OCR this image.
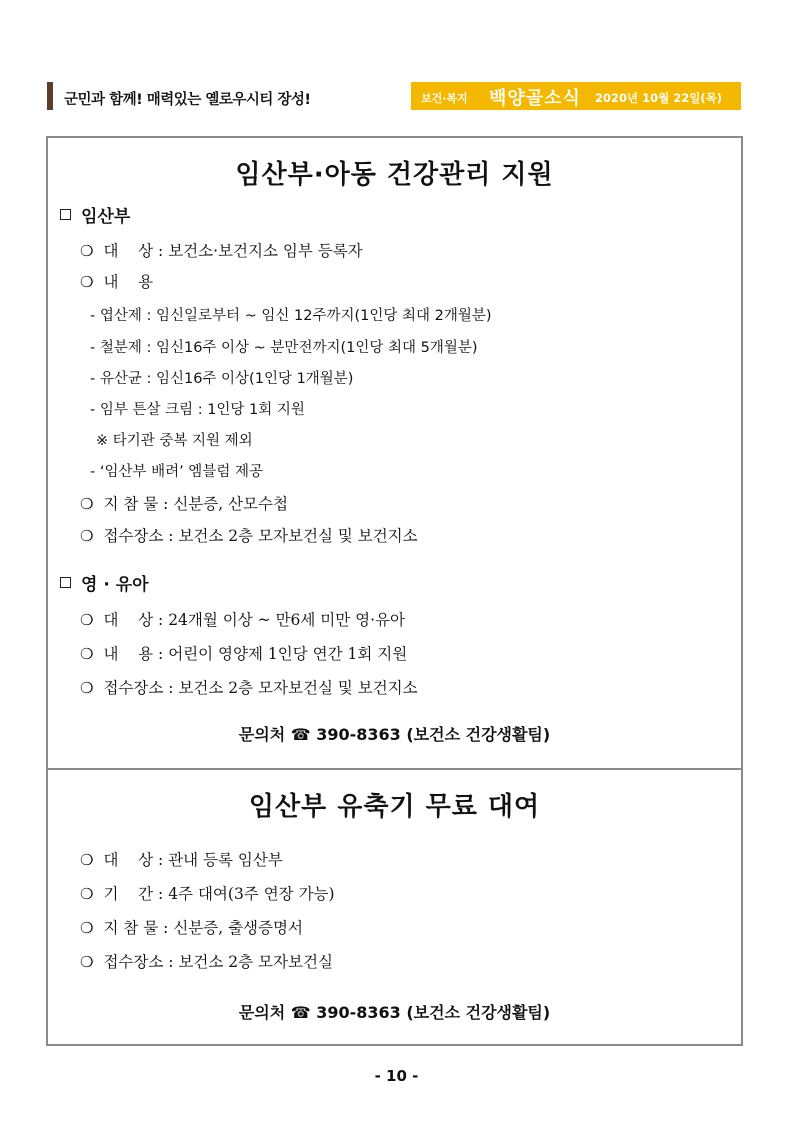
군민과 함께! 매력있는 옐로우시티 장성!	보건·복지 백양골소식 2020년 10월 22일(목)
임산부·아동 건강관리 지원
임산부
❍ 대    상 : 보건소·보건지소 임부 등록자
❍ 내    용
- 엽산제 : 임신일로부터 ~ 임신 12주까지(1인당 최대 2개월분)
- 철분제 : 임신16주 이상 ~ 분만전까지(1인당 최대 5개월분)
- 유산균 : 임신16주 이상(1인당 1개월분)
- 임부 튼살 크림 : 1인당 1회 지원
※ 타기관 중복 지원 제외
- ‘임산부 배려’ 엠블럼 제공
❍ 지 참 물 : 신분증, 산모수첩
❍ 접수장소 : 보건소 2층 모자보건실 및 보건지소
영 · 유아
❍ 대    상 : 24개월 이상 ~ 만6세 미만 영·유아
❍ 내    용 : 어린이 영양제 1인당 연간 1회 지원
❍ 접수장소 : 보건소 2층 모자보건실 및 보건지소
문의처 ☎ 390-8363 (보건소 건강생활팀)
임산부 유축기 무료 대여
❍ 대    상 : 관내 등록 임산부
❍ 기    간 : 4주 대여(3주 연장 가능)
❍ 지 참 물 : 신분증, 출생증명서
❍ 접수장소 : 보건소 2층 모자보건실
문의처 ☎ 390-8363 (보건소 건강생활팀)
- 10 -
